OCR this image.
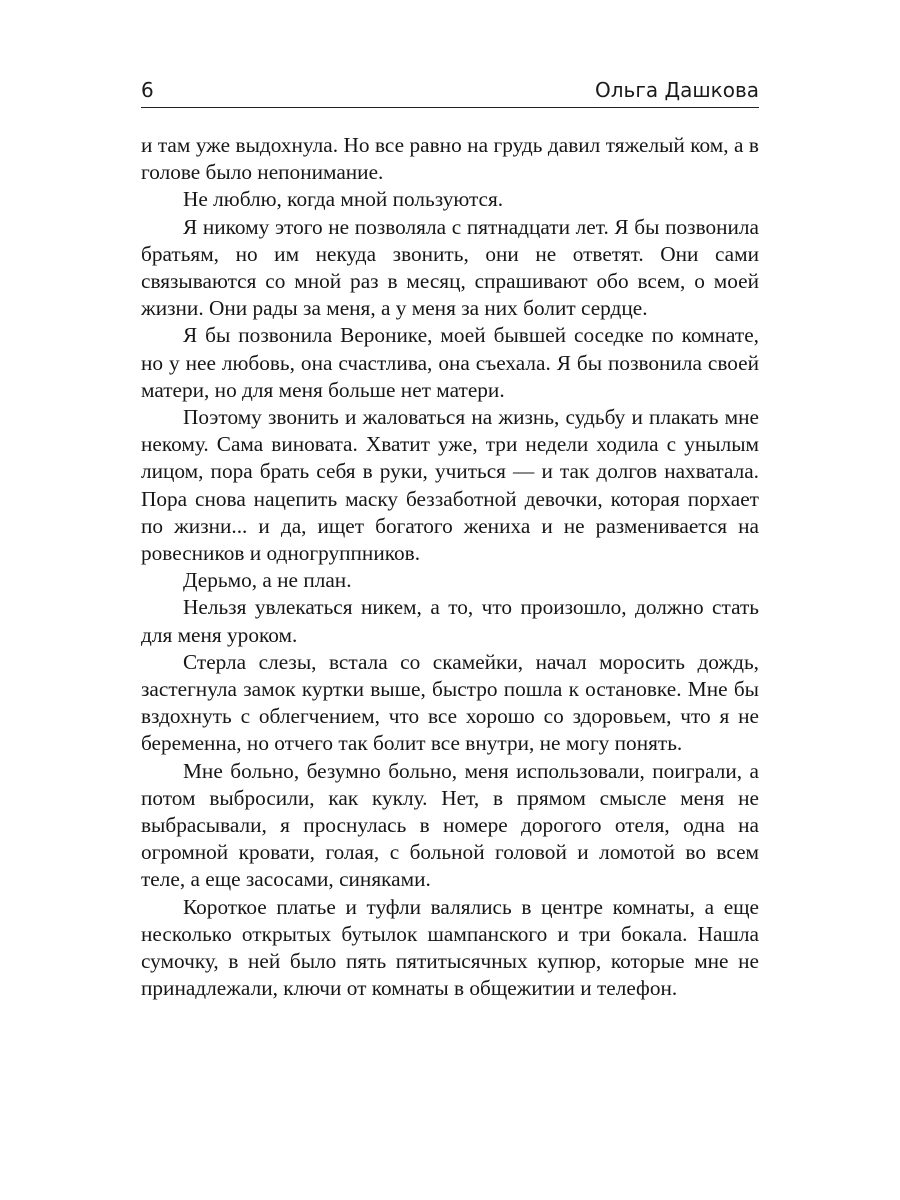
6	Ольга Дашкова

и там уже выдохнула. Но все равно на грудь давил тяжелый ком, а в голове было непонимание.

Не люблю, когда мной пользуются.

Я никому этого не позволяла с пятнадцати лет. Я бы позвонила братьям, но им некуда звонить, они не ответят. Они сами связываются со мной раз в месяц, спрашивают обо всем, о моей жизни. Они рады за меня, а у меня за них болит сердце.

Я бы позвонила Веронике, моей бывшей соседке по комнате, но у нее любовь, она счастлива, она съехала. Я бы позвонила своей матери, но для меня больше нет матери.

Поэтому звонить и жаловаться на жизнь, судьбу и плакать мне некому. Сама виновата. Хватит уже, три недели ходила с унылым лицом, пора брать себя в руки, учиться — и так долгов нахватала. Пора снова нацепить маску беззаботной девочки, которая порхает по жизни... и да, ищет богатого жениха и не разменивается на ровесников и одногруппников.

Дерьмо, а не план.

Нельзя увлекаться никем, а то, что произошло, должно стать для меня уроком.

Стерла слезы, встала со скамейки, начал моросить дождь, застегнула замок куртки выше, быстро пошла к остановке. Мне бы вздохнуть с облегчением, что все хорошо со здоровьем, что я не беременна, но отчего так болит все внутри, не могу понять.

Мне больно, безумно больно, меня использовали, поиграли, а потом выбросили, как куклу. Нет, в прямом смысле меня не выбрасывали, я проснулась в номере дорогого отеля, одна на огромной кровати, голая, с больной головой и ломотой во всем теле, а еще засосами, синяками.

Короткое платье и туфли валялись в центре комнаты, а еще несколько открытых бутылок шампанского и три бокала. Нашла сумочку, в ней было пять пятитысячных купюр, которые мне не принадлежали, ключи от комнаты в общежитии и телефон.
